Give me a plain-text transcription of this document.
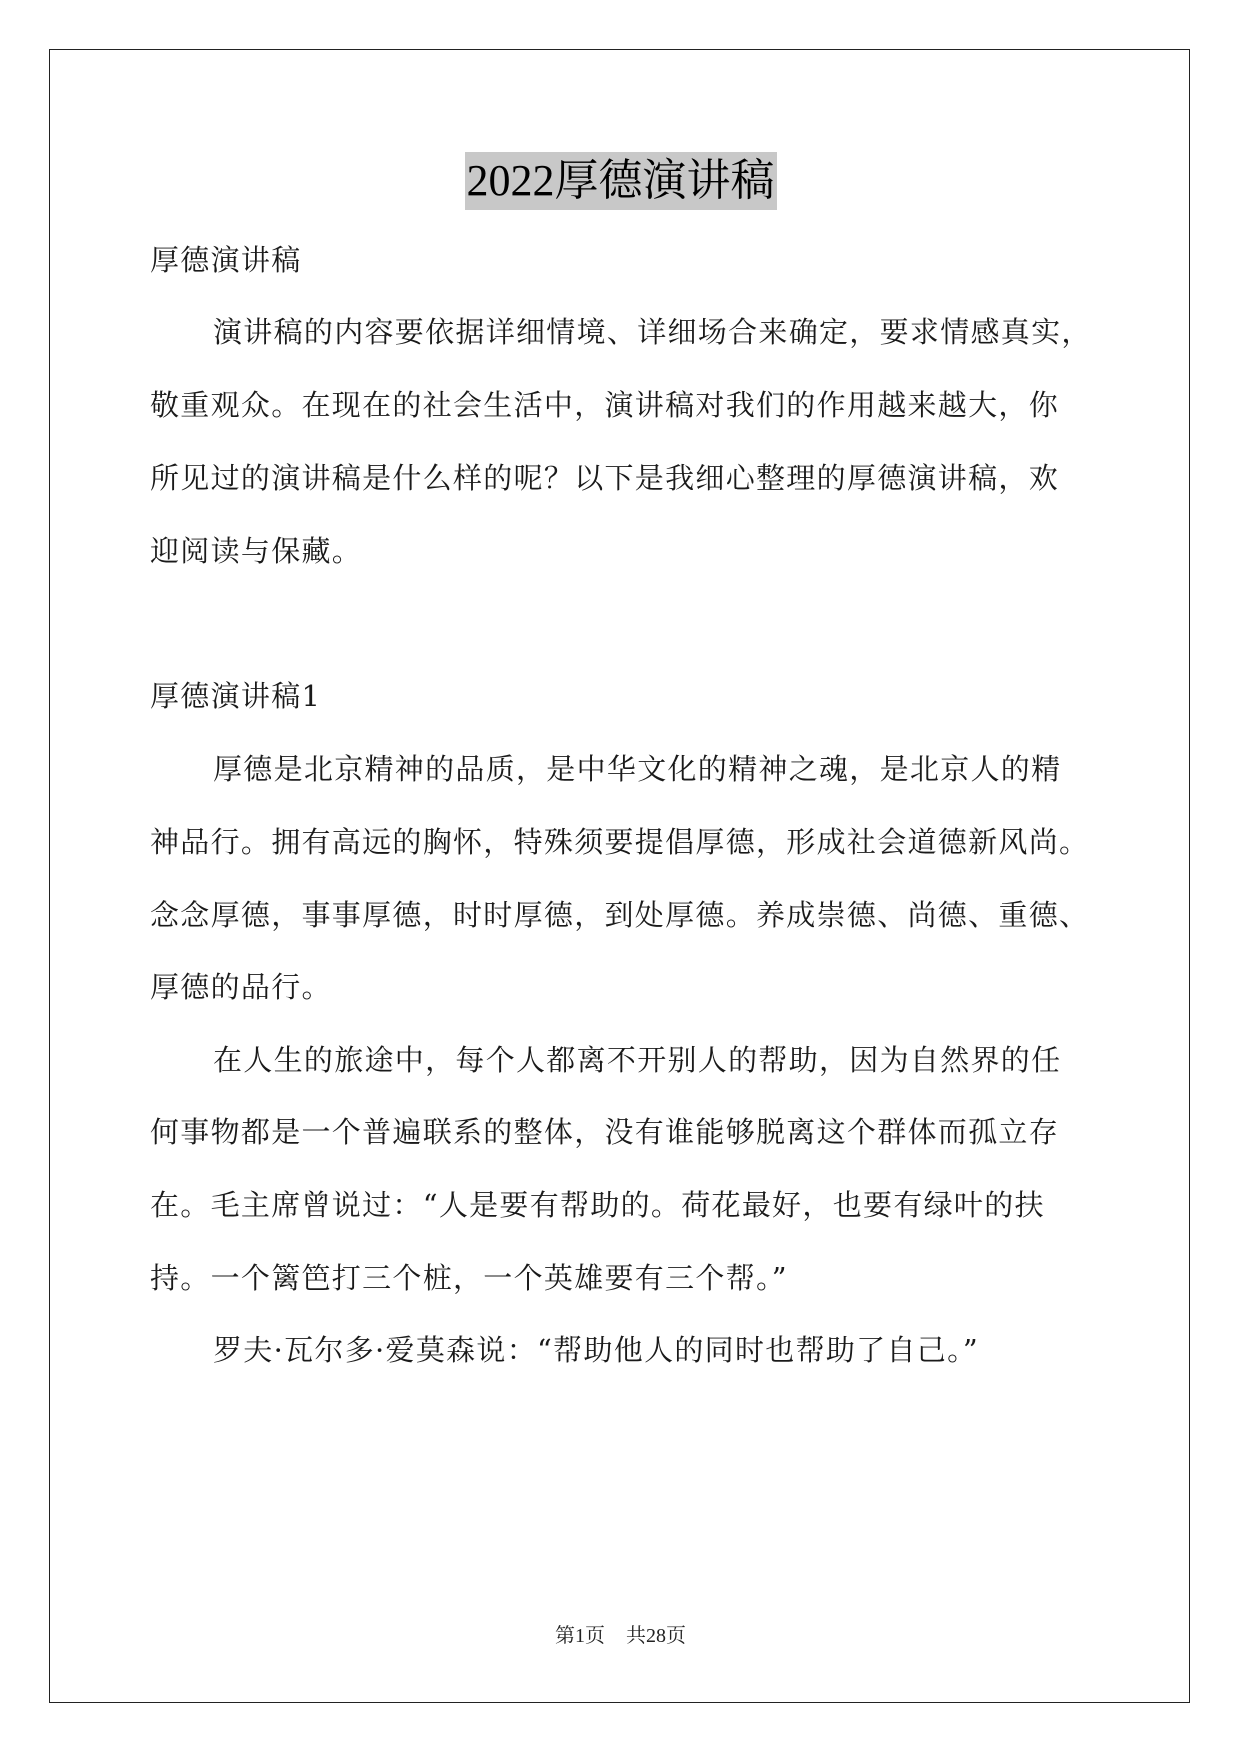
2022厚德演讲稿
厚德演讲稿
演讲稿的内容要依据详细情境、详细场合来确定，要求情感真实，
敬重观众。在现在的社会生活中，演讲稿对我们的作用越来越大，你
所见过的演讲稿是什么样的呢？以下是我细心整理的厚德演讲稿，欢
迎阅读与保藏。
厚德演讲稿1
厚德是北京精神的品质，是中华文化的精神之魂，是北京人的精
神品行。拥有高远的胸怀，特殊须要提倡厚德，形成社会道德新风尚。
念念厚德，事事厚德，时时厚德，到处厚德。养成崇德、尚德、重德、
厚德的品行。
在人生的旅途中，每个人都离不开别人的帮助，因为自然界的任
何事物都是一个普遍联系的整体，没有谁能够脱离这个群体而孤立存
在。毛主席曾说过：“人是要有帮助的。荷花最好，也要有绿叶的扶
持。一个篱笆打三个桩，一个英雄要有三个帮。”
罗夫·瓦尔多·爱莫森说：“帮助他人的同时也帮助了自己。”
第1页 共28页
